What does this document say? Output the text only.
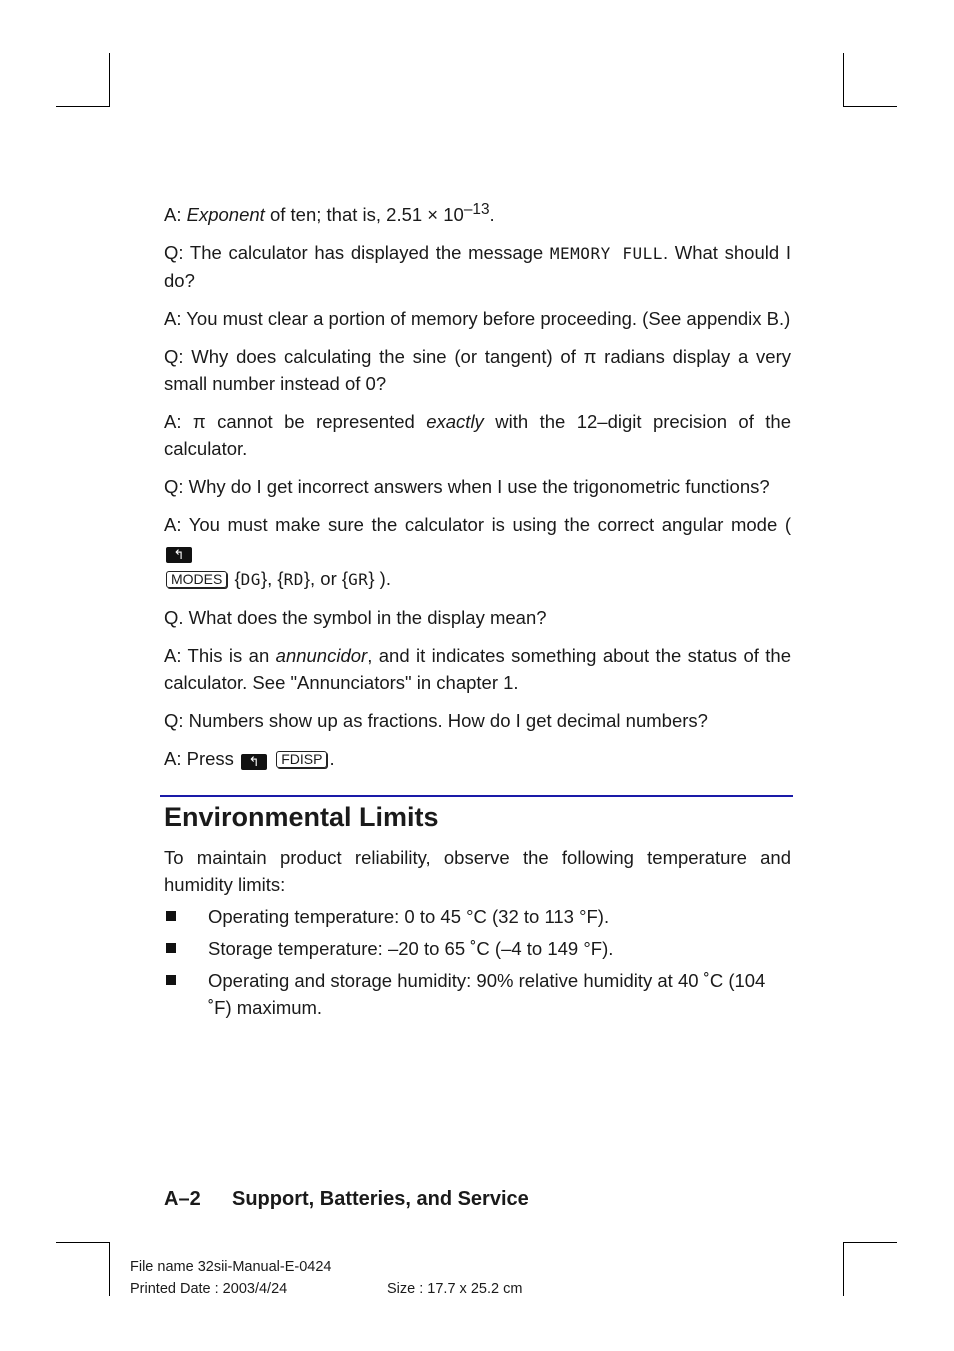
A: Exponent of ten; that is, $2.51 \times 10^{-13}$.

Q: The calculator has displayed the message MEMORY FULL. What should I do?

A: You must clear a portion of memory before proceeding. (See appendix B.)

Q: Why does calculating the sine (or tangent) of π radians display a very small number instead of 0?

A: π cannot be represented exactly with the 12–digit precision of the calculator.

Q: Why do I get incorrect answers when I use the trigonometric functions?

A: You must make sure the calculator is using the correct angular mode ( ↰
MODES {DG}, {RD}, or {GR} ).

Q. What does the symbol in the display mean?

A: This is an annuncidor, and it indicates something about the status of the calculator. See "Annunciators" in chapter 1.

Q: Numbers show up as fractions. How do I get decimal numbers?

A: Press ↰ FDISP .

Environmental Limits

To maintain product reliability, observe the following temperature and humidity limits:

Operating temperature: 0 to 45 °C (32 to 113 °F).
Storage temperature: –20 to 65 ˚C (–4 to 149 °F).
Operating and storage humidity: 90% relative humidity at 40 ˚C (104 ˚F) maximum.
A–2 Support, Batteries, and Service
File name 32sii-Manual-E-0424
Printed Date : 2003/4/24	Size : 17.7 x 25.2 cm
